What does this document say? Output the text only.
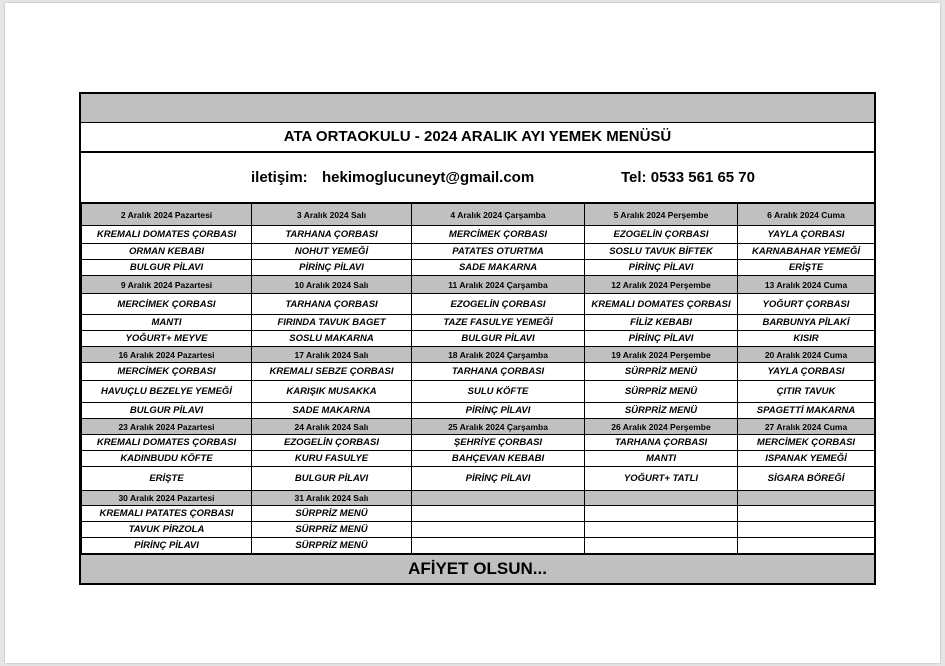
ATA ORTAOKULU - 2024 ARALIK AYI YEMEK MENÜSÜ
iletişim: hekimoglucuneyt@gmail.com	Tel: 0533 561 65 70
2 Aralık 2024 Pazartesi	3 Aralık 2024 Salı	4 Aralık 2024 Çarşamba	5 Aralık 2024 Perşembe	6 Aralık 2024 Cuma
KREMALI DOMATES ÇORBASI	TARHANA ÇORBASI	MERCİMEK ÇORBASI	EZOGELİN ÇORBASI	YAYLA ÇORBASI
ORMAN KEBABI	NOHUT YEMEĞİ	PATATES OTURTMA	SOSLU TAVUK BİFTEK	KARNABAHAR YEMEĞİ
BULGUR PİLAVI	PİRİNÇ PİLAVI	SADE MAKARNA	PİRİNÇ PİLAVI	ERİŞTE
9 Aralık 2024 Pazartesi	10 Aralık 2024 Salı	11 Aralık 2024 Çarşamba	12 Aralık 2024 Perşembe	13 Aralık 2024 Cuma
MERCİMEK ÇORBASI	TARHANA ÇORBASI	EZOGELİN ÇORBASI	KREMALI DOMATES ÇORBASI	YOĞURT ÇORBASI
MANTI	FIRINDA TAVUK BAGET	TAZE FASULYE YEMEĞİ	FİLİZ KEBABI	BARBUNYA PİLAKİ
YOĞURT+ MEYVE	SOSLU MAKARNA	BULGUR PİLAVI	PİRİNÇ PİLAVI	KISIR
16 Aralık 2024 Pazartesi	17 Aralık 2024 Salı	18 Aralık 2024 Çarşamba	19 Aralık 2024 Perşembe	20 Aralık 2024 Cuma
MERCİMEK ÇORBASI	KREMALI SEBZE ÇORBASI	TARHANA ÇORBASI	SÜRPRİZ MENÜ	YAYLA ÇORBASI
HAVUÇLU BEZELYE YEMEĞİ	KARIŞIK MUSAKKA	SULU KÖFTE	SÜRPRİZ MENÜ	ÇITIR TAVUK
BULGUR PİLAVI	SADE MAKARNA	PİRİNÇ PİLAVI	SÜRPRİZ MENÜ	SPAGETTİ MAKARNA
23 Aralık 2024 Pazartesi	24 Aralık 2024 Salı	25 Aralık 2024 Çarşamba	26 Aralık 2024 Perşembe	27 Aralık 2024 Cuma
KREMALI DOMATES ÇORBASI	EZOGELİN ÇORBASI	ŞEHRİYE ÇORBASI	TARHANA ÇORBASI	MERCİMEK ÇORBASI
KADINBUDU KÖFTE	KURU FASULYE	BAHÇEVAN KEBABI	MANTI	ISPANAK YEMEĞİ
ERİŞTE	BULGUR PİLAVI	PİRİNÇ PİLAVI	YOĞURT+ TATLI	SİGARA BÖREĞİ
30 Aralık 2024 Pazartesi	31 Aralık 2024 Salı			
KREMALI PATATES ÇORBASI	SÜRPRİZ MENÜ			
TAVUK PİRZOLA	SÜRPRİZ MENÜ			
PİRİNÇ PİLAVI	SÜRPRİZ MENÜ			
AFİYET OLSUN...
